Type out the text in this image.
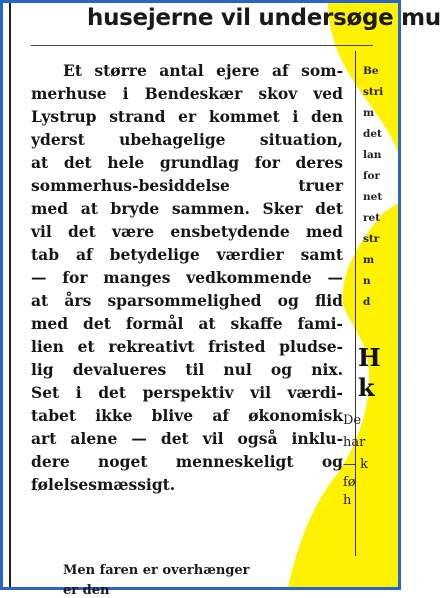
husejerne vil undersøge mu
Et større antal ejere af som-
merhuse i Bendeskær skov ved
Lystrup strand er kommet i den
yderst ubehagelige situation,
at det hele grundlag for deres
sommerhus-besiddelse truer
med at bryde sammen. Sker det
vil det være ensbetydende med
tab af betydelige værdier samt
— for manges vedkommende —
at års sparsommelighed og flid
med det formål at skaffe fami-
lien et rekreativt fristed pludse-
lig devalueres til nul og nix.
Set i det perspektiv vil værdi-
tabet ikke blive af økonomisk
art alene — det vil også inklu-
dere noget menneskeligt og
følelsesmæssigt.

Men faren er overhænger

er den
Be
stri
m
det
lan
for
net
ret
str
m
n
d
H
k
De
har
— k
fø
h
